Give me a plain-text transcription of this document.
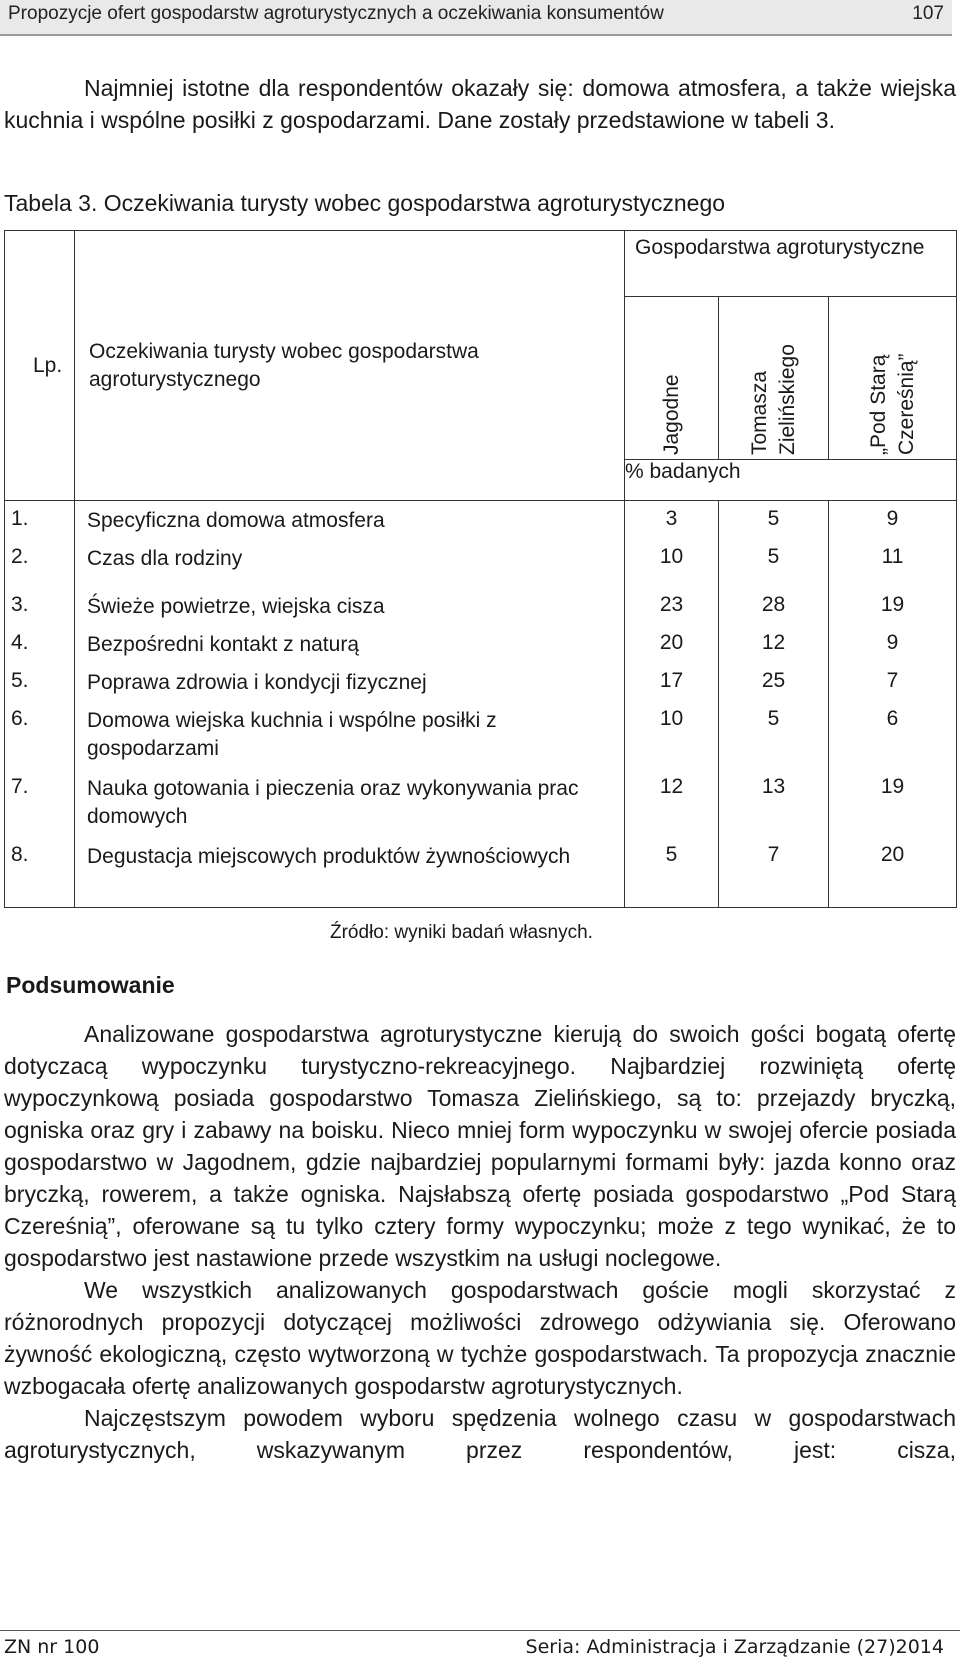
Propozycje ofert gospodarstw agroturystycznych a oczekiwania konsumentów	107

Najmniej istotne dla respondentów okazały się: domowa atmosfera, a także wiejska kuchnia i wspólne posiłki z gospodarzami. Dane zostały przedstawione w tabeli 3.

Tabela 3. Oczekiwania turysty wobec gospodarstwa agroturystycznego
Lp.	Oczekiwania turysty wobec gospodarstwa agroturystycznego	Gospodarstwa agroturystyczne		

		Jagodne	Tomasza Zielińskiego	„Pod Starą Czereśnią”

		% badanych		
1.	Specyficzna domowa atmosfera	3	5	9
2.	Czas dla rodziny	10	5	11
3.	Świeże powietrze, wiejska cisza	23	28	19
4.	Bezpośredni kontakt z naturą	20	12	9
5.	Poprawa zdrowia i kondycji fizycznej	17	25	7
6.	Domowa wiejska kuchnia i wspólne posiłki z gospodarzami	10	5	6
7.	Nauka gotowania i pieczenia oraz wykonywania prac domowych	12	13	19
8.	Degustacja miejscowych produktów żywnościowych	5	7	20
Źródło: wyniki badań własnych.
Podsumowanie

Analizowane gospodarstwa agroturystyczne kierują do swoich gości bogatą ofertę dotyczacą wypoczynku turystyczno-rekreacyjnego. Najbardziej rozwiniętą ofertę wypoczynkową posiada gospodarstwo Tomasza Zielińskiego, są to: przejazdy bryczką, ogniska oraz gry i zabawy na boisku. Nieco mniej form wypoczynku w swojej ofercie posiada gospodarstwo w Jagodnem, gdzie najbardziej popularnymi formami były: jazda konno oraz bryczką, rowerem, a także ogniska. Najsłabszą ofertę posiada gospodarstwo „Pod Starą Czereśnią”, oferowane są tu tylko cztery formy wypoczynku; może z tego wynikać, że to gospodarstwo jest nastawione przede wszystkim na usługi noclegowe.

We wszystkich analizowanych gospodarstwach goście mogli skorzystać z różnorodnych propozycji dotyczącej możliwości zdrowego odżywiania się. Oferowano żywność ekologiczną, często wytworzoną w tychże gospodarstwach. Ta propozycja znacznie wzbogacała ofertę analizowanych gospodarstw agroturystycznych.

Najczęstszym powodem wyboru spędzenia wolnego czasu w gospodarstwach agroturystycznych, wskazywanym przez respondentów, jest: cisza,

ZN nr 100	Seria: Administracja i Zarządzanie (27)2014
